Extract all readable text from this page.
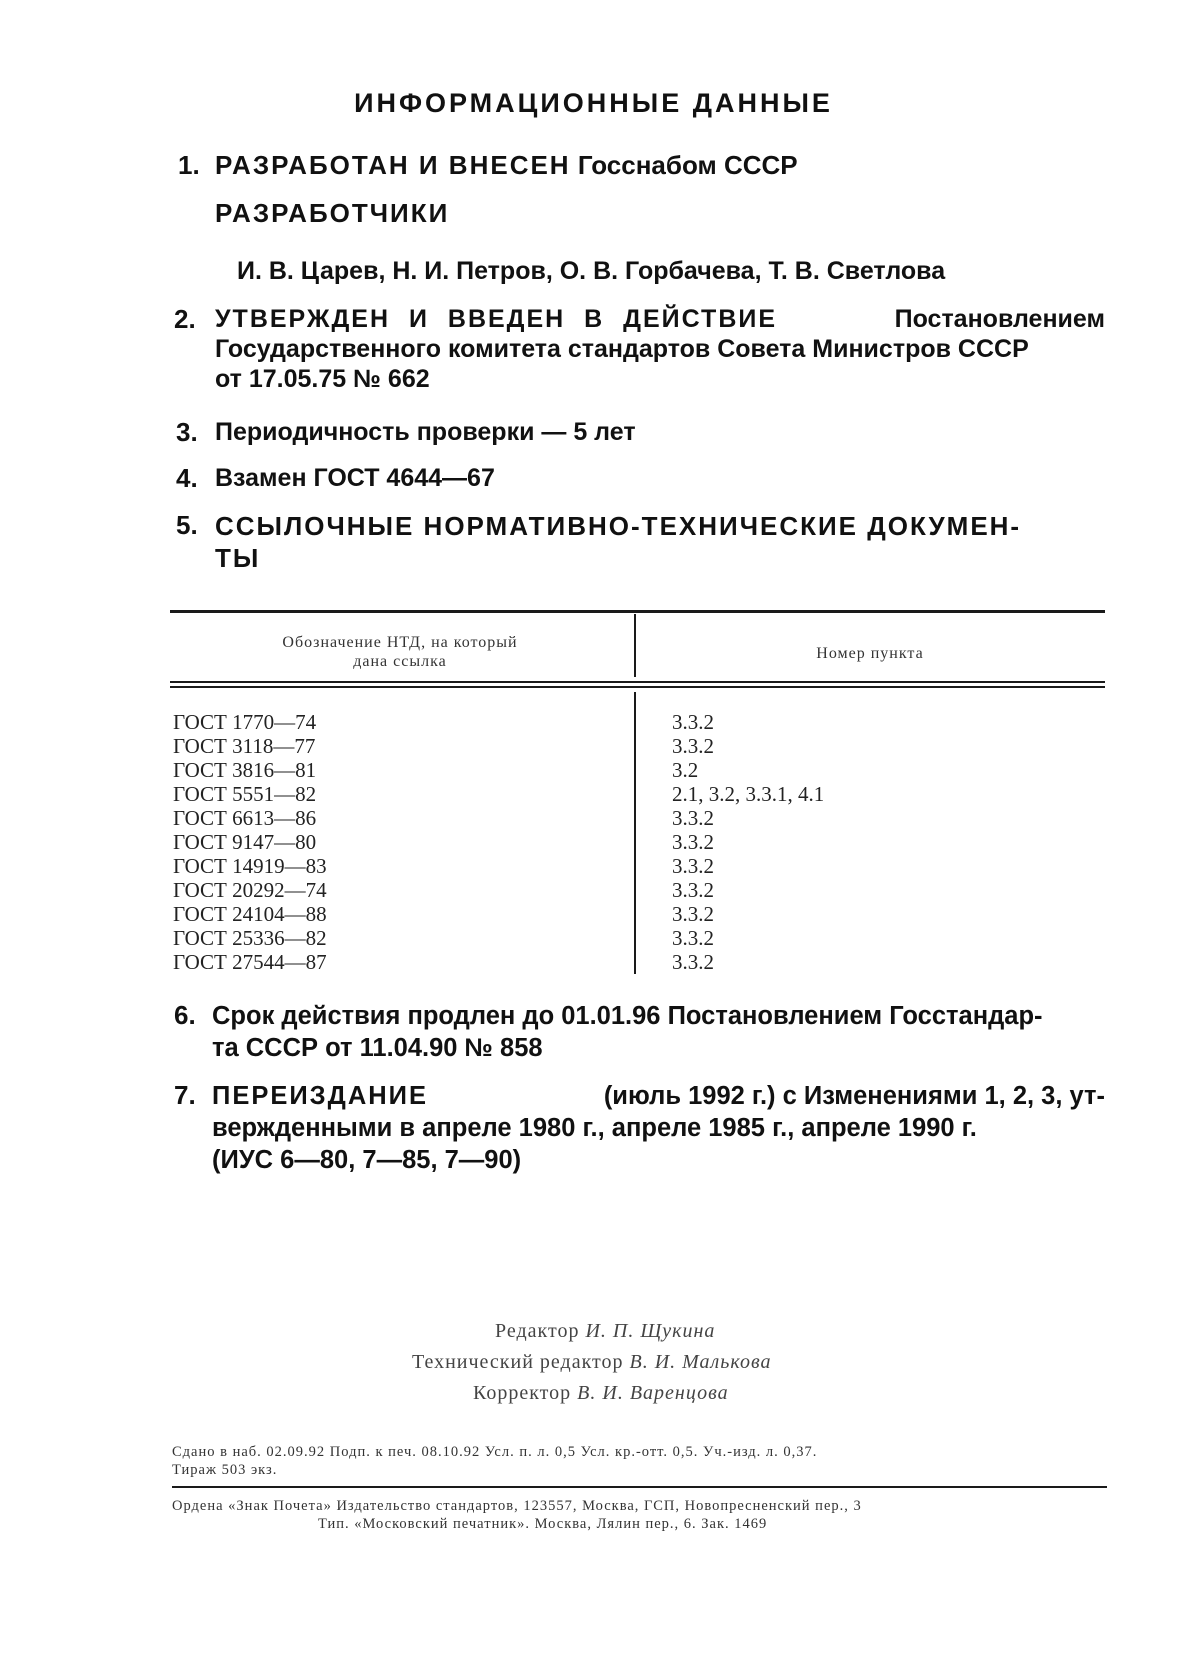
ИНФОРМАЦИОННЫЕ ДАННЫЕ
1. РАЗРАБОТАН И ВНЕСЕН Госснабом СССР
РАЗРАБОТЧИКИ
И. В. Царев, Н. И. Петров, О. В. Горбачева, Т. В. Светлова
2. УТВЕРЖДЕН И ВВЕДЕН В ДЕЙСТВИЕ	Постановлением
Государственного комитета стандартов Совета Министров СССР
от 17.05.75 № 662
3. Периодичность проверки — 5 лет
4. Взамен ГОСТ 4644—67
5. ССЫЛОЧНЫЕ НОРМАТИВНО-ТЕХНИЧЕСКИЕ ДОКУМЕН-
ТЫ
Обозначение НТД, на который
дана ссылка	Номер пункта
ГОСТ 1770—74	3.3.2
ГОСТ 3118—77	3.3.2
ГОСТ 3816—81	3.2
ГОСТ 5551—82	2.1, 3.2, 3.3.1, 4.1
ГОСТ 6613—86	3.3.2
ГОСТ 9147—80	3.3.2
ГОСТ 14919—83	3.3.2
ГОСТ 20292—74	3.3.2
ГОСТ 24104—88	3.3.2
ГОСТ 25336—82	3.3.2
ГОСТ 27544—87	3.3.2
6. Срок действия продлен до 01.01.96 Постановлением Госстандар-
та СССР от 11.04.90 № 858
7. ПЕРЕИЗДАНИЕ	(июль 1992 г.) с Изменениями 1, 2, 3, ут-
вержденными в апреле 1980 г., апреле 1985 г., апреле 1990 г.
(ИУС 6—80, 7—85, 7—90)
Редактор И. П. Щукина
Технический редактор В. И. Малькова
Корректор В. И. Варенцова
Сдано в наб. 02.09.92 Подп. к печ. 08.10.92 Усл. п. л. 0,5 Усл. кр.-отт. 0,5. Уч.-изд. л. 0,37.
Тираж 503 экз.
Ордена «Знак Почета» Издательство стандартов, 123557, Москва, ГСП, Новопресненский пер., 3
Тип. «Московский печатник». Москва, Лялин пер., 6. Зак. 1469
